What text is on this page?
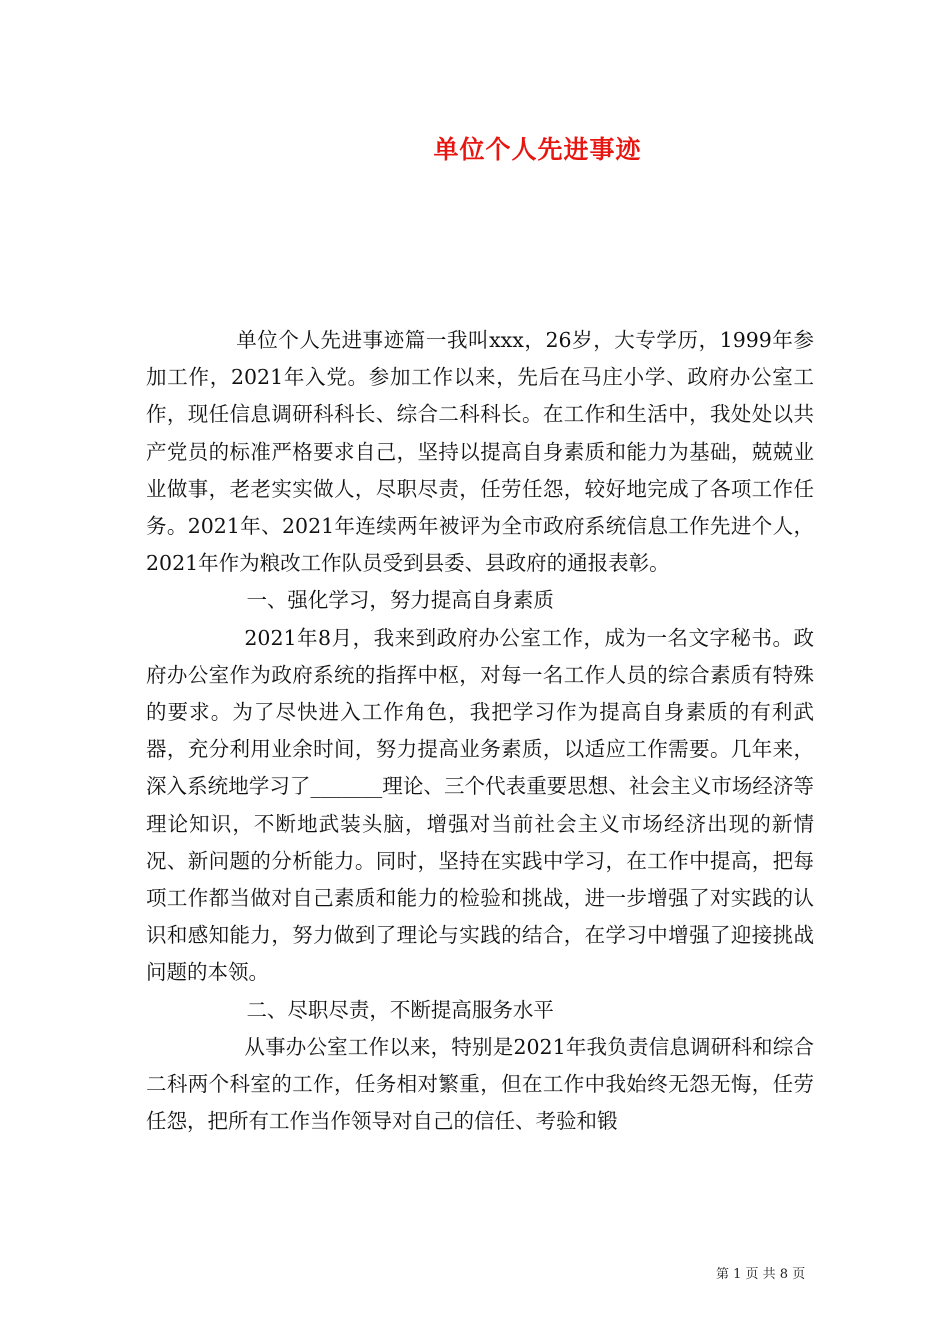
单位个人先进事迹

单位个人先进事迹篇一我叫xxx，26岁，大专学历，1999年参加工作，2021年入党。参加工作以来，先后在马庄小学、政府办公室工作，现任信息调研科科长、综合二科科长。在工作和生活中，我处处以共产党员的标准严格要求自己，坚持以提高自身素质和能力为基础，兢兢业业做事，老老实实做人，尽职尽责，任劳任怨，较好地完成了各项工作任务。2021年、2021年连续两年被评为全市政府系统信息工作先进个人，2021年作为粮改工作队员受到县委、县政府的通报表彰。

一、强化学习，努力提高自身素质

2021年8月，我来到政府办公室工作，成为一名文字秘书。政府办公室作为政府系统的指挥中枢，对每一名工作人员的综合素质有特殊的要求。为了尽快进入工作角色，我把学习作为提高自身素质的有利武器，充分利用业余时间，努力提高业务素质，以适应工作需要。几年来，深入系统地学习了_______理论、三个代表重要思想、社会主义市场经济等理论知识，不断地武装头脑，增强对当前社会主义市场经济出现的新情况、新问题的分析能力。同时，坚持在实践中学习，在工作中提高，把每项工作都当做对自己素质和能力的检验和挑战，进一步增强了对实践的认识和感知能力，努力做到了理论与实践的结合，在学习中增强了迎接挑战问题的本领。

二、尽职尽责，不断提高服务水平

从事办公室工作以来，特别是2021年我负责信息调研科和综合二科两个科室的工作，任务相对繁重，但在工作中我始终无怨无悔，任劳任怨，把所有工作当作领导对自己的信任、考验和锻

第 1 页 共 8 页
